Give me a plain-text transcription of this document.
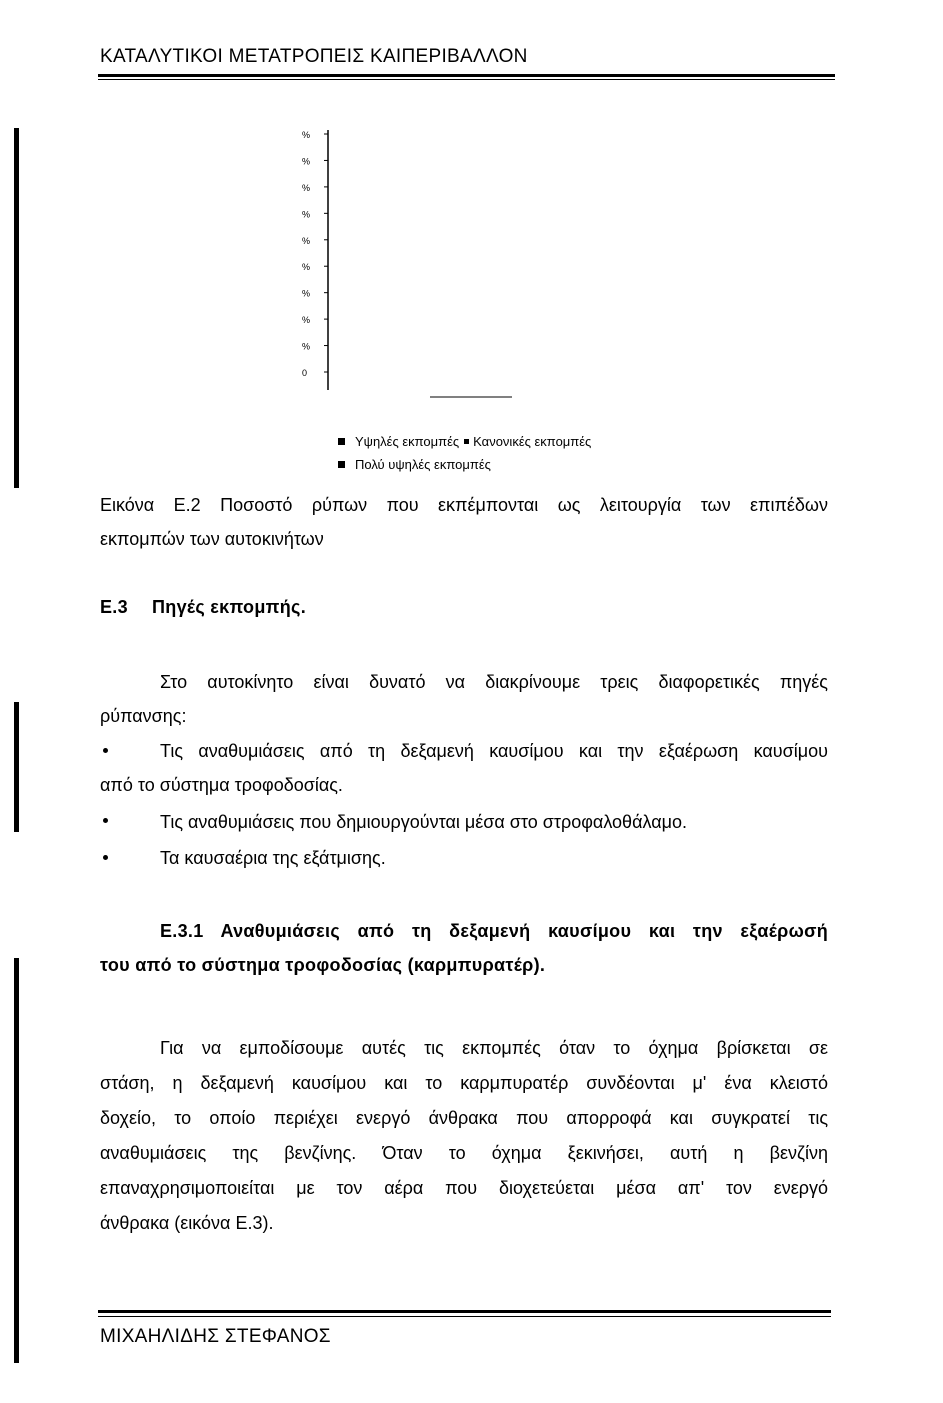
ΚΑΤΑΛΥΤΙΚΟΙ ΜΕΤΑΤΡΟΠΕΙΣ ΚΑΙΠΕΡΙΒΑΛΛΟΝ
%
%
%
%
%
%
%
%
%
0
Υψηλές εκπομπές Κανονικές εκπομπές
Πολύ υψηλές εκπομπές
Εικόνα Ε.2 Ποσοστό ρύπων που εκπέμπονται ως λειτουργία των επιπέδων
εκπομπών των αυτοκινήτων
Ε.3 Πηγές εκπομπής.
Στο αυτοκίνητο είναι δυνατό να διακρίνουμε τρεις διαφορετικές πηγές
ρύπανσης:
Τις αναθυμιάσεις από τη δεξαμενή καυσίμου και την εξαέρωση καυσίμου
από το σύστημα τροφοδοσίας.
Τις αναθυμιάσεις που δημιουργούνται μέσα στο στροφαλοθάλαμο.
Τα καυσαέρια της εξάτμισης.
Ε.3.1 Αναθυμιάσεις από τη δεξαμενή καυσίμου και την εξαέρωσή
του από το σύστημα τροφοδοσίας (καρμπυρατέρ).
Για να εμποδίσουμε αυτές τις εκπομπές όταν το όχημα βρίσκεται σε
στάση, η δεξαμενή καυσίμου και το καρμπυρατέρ συνδέονται μ' ένα κλειστό
δοχείο, το οποίο περιέχει ενεργό άνθρακα που απορροφά και συγκρατεί τις
αναθυμιάσεις της βενζίνης. Όταν το όχημα ξεκινήσει, αυτή η βενζίνη
επαναχρησιμοποιείται με τον αέρα που διοχετεύεται μέσα απ' τον ενεργό
άνθρακα (εικόνα Ε.3).
ΜΙΧΑΗΛΙΔΗΣ ΣΤΕΦΑΝΟΣ
